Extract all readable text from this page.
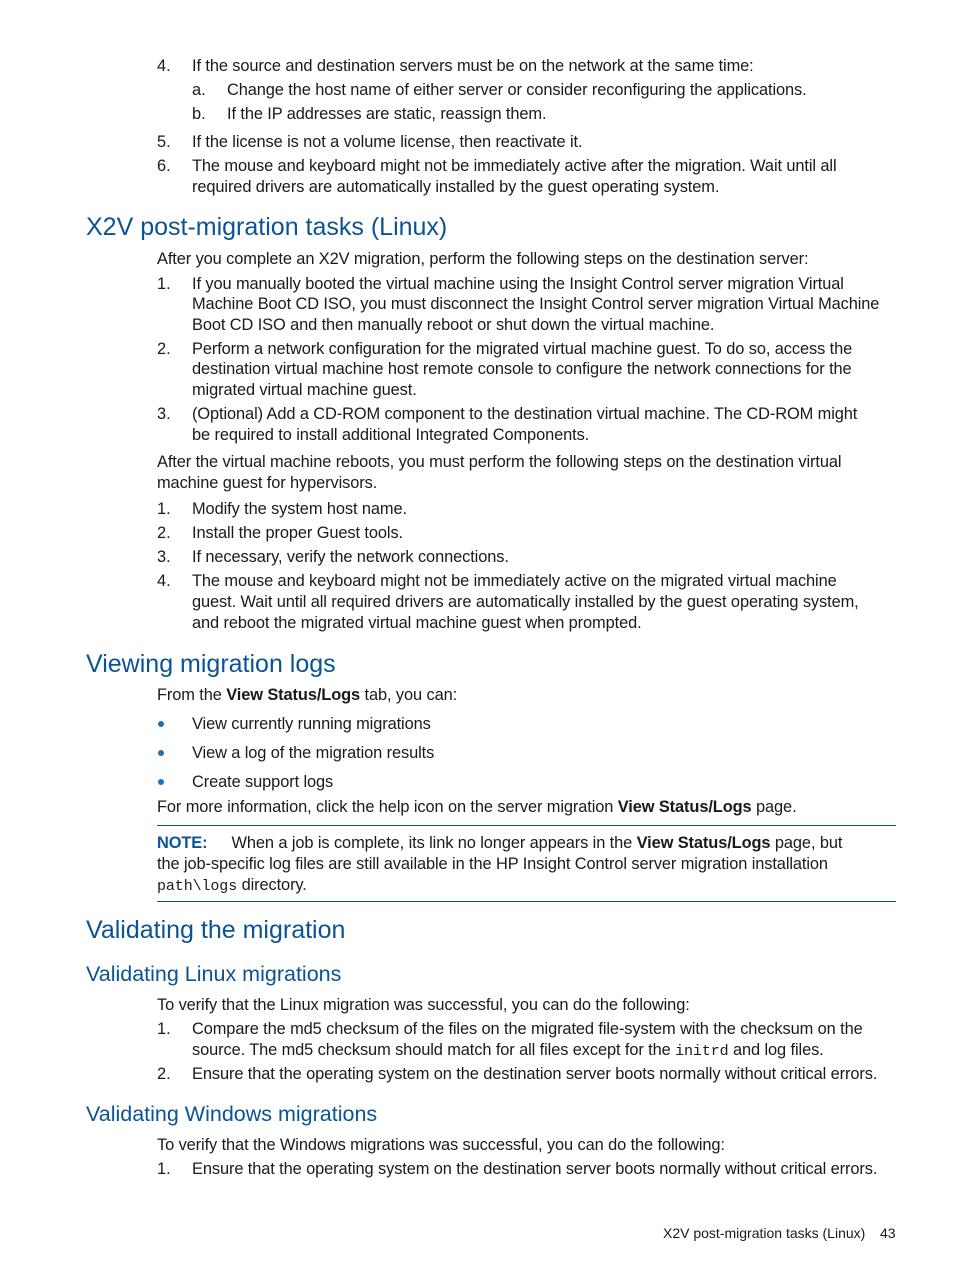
4. If the source and destination servers must be on the network at the same time:
a. Change the host name of either server or consider reconfiguring the applications.
b. If the IP addresses are static, reassign them.
5. If the license is not a volume license, then reactivate it.
6. The mouse and keyboard might not be immediately active after the migration. Wait until all
required drivers are automatically installed by the guest operating system.
X2V post-migration tasks (Linux)
After you complete an X2V migration, perform the following steps on the destination server:
1. If you manually booted the virtual machine using the Insight Control server migration Virtual
Machine Boot CD ISO, you must disconnect the Insight Control server migration Virtual Machine
Boot CD ISO and then manually reboot or shut down the virtual machine.
2. Perform a network configuration for the migrated virtual machine guest. To do so, access the
destination virtual machine host remote console to configure the network connections for the
migrated virtual machine guest.
3. (Optional) Add a CD-ROM component to the destination virtual machine. The CD-ROM might
be required to install additional Integrated Components.
After the virtual machine reboots, you must perform the following steps on the destination virtual
machine guest for hypervisors.
1. Modify the system host name.
2. Install the proper Guest tools.
3. If necessary, verify the network connections.
4. The mouse and keyboard might not be immediately active on the migrated virtual machine
guest. Wait until all required drivers are automatically installed by the guest operating system,
and reboot the migrated virtual machine guest when prompted.
Viewing migration logs
From the View Status/Logs tab, you can:
View currently running migrations
View a log of the migration results
Create support logs
For more information, click the help icon on the server migration View Status/Logs page.
NOTE: When a job is complete, its link no longer appears in the View Status/Logs page, but
the job-specific log files are still available in the HP Insight Control server migration installation
path\logs directory.
Validating the migration
Validating Linux migrations
To verify that the Linux migration was successful, you can do the following:
1. Compare the md5 checksum of the files on the migrated file-system with the checksum on the
source. The md5 checksum should match for all files except for the initrd and log files.
2. Ensure that the operating system on the destination server boots normally without critical errors.
Validating Windows migrations
To verify that the Windows migrations was successful, you can do the following:
1. Ensure that the operating system on the destination server boots normally without critical errors.
X2V post-migration tasks (Linux) 43
